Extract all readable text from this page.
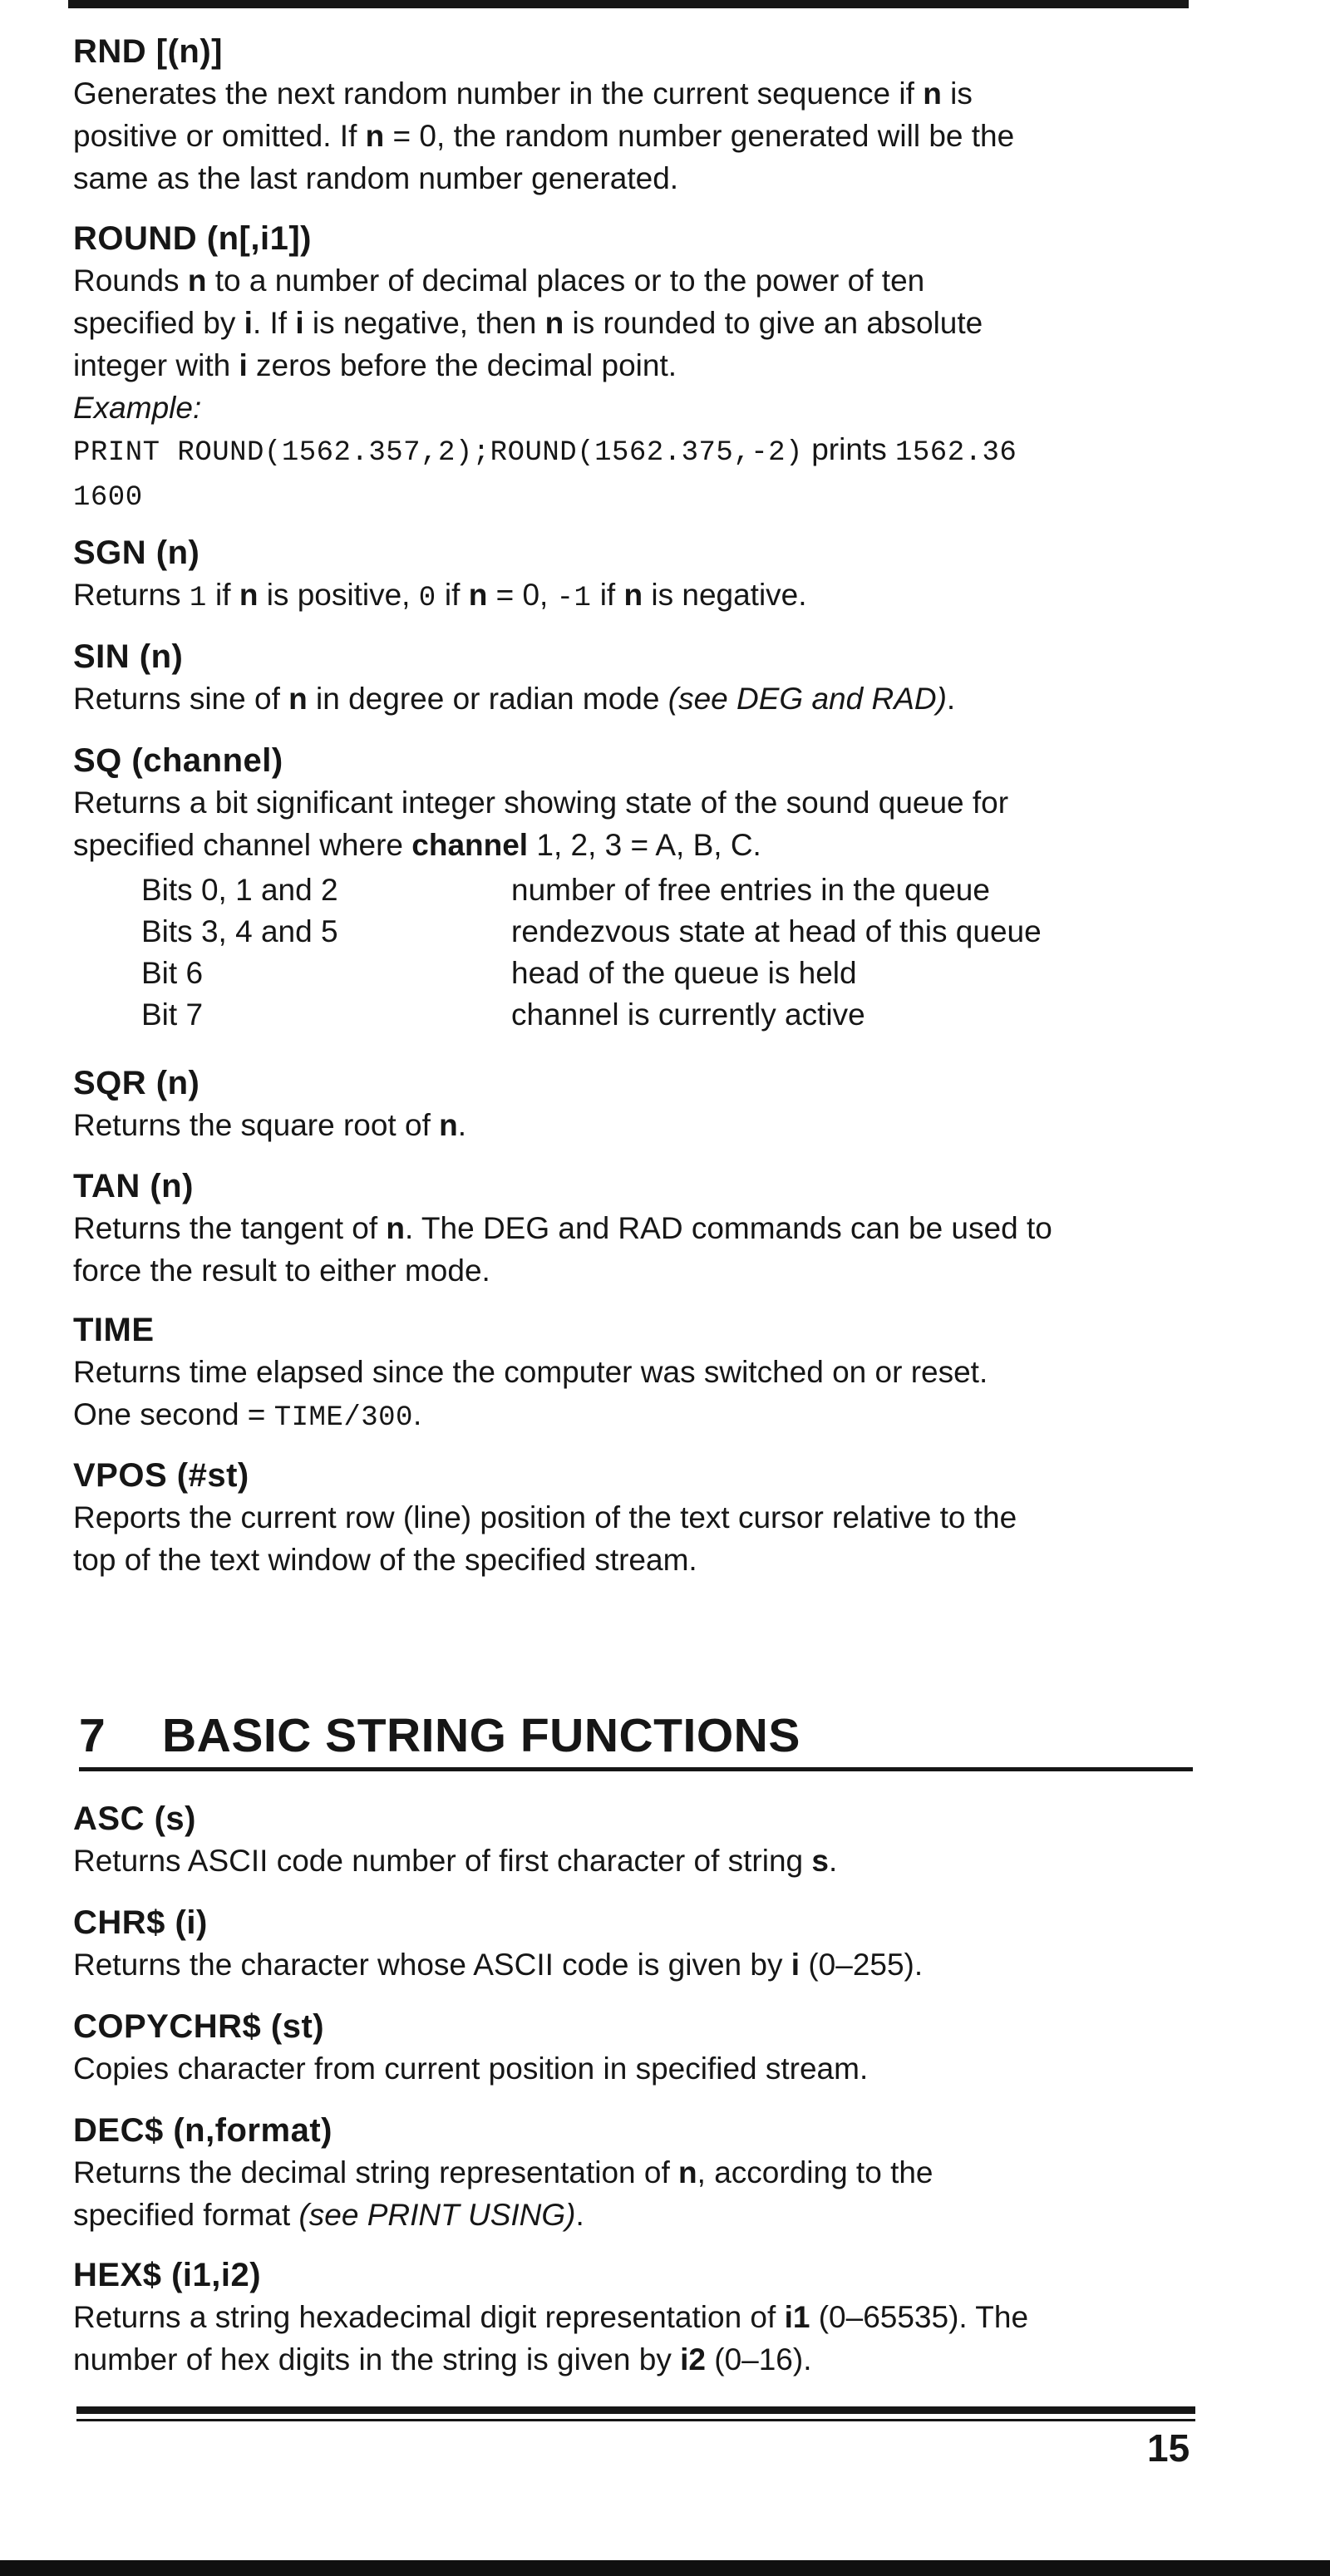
RND [(n)]
Generates the next random number in the current sequence if n is
positive or omitted. If n = 0, the random number generated will be the
same as the last random number generated.
ROUND (n[,i1])
Rounds n to a number of decimal places or to the power of ten
specified by i. If i is negative, then n is rounded to give an absolute
integer with i zeros before the decimal point.
Example:
PRINT ROUND(1562.357,2);ROUND(1562.375,-2) prints 1562.36
1600
SGN (n)
Returns 1 if n is positive, 0 if n = 0, -1 if n is negative.
SIN (n)
Returns sine of n in degree or radian mode (see DEG and RAD).
SQ (channel)
Returns a bit significant integer showing state of the sound queue for
specified channel where channel 1, 2, 3 = A, B, C.
Bits 0, 1 and 2	number of free entries in the queue
Bits 3, 4 and 5	rendezvous state at head of this queue
Bit 6	head of the queue is held
Bit 7	channel is currently active
SQR (n)
Returns the square root of n.
TAN (n)
Returns the tangent of n. The DEG and RAD commands can be used to
force the result to either mode.
TIME
Returns time elapsed since the computer was switched on or reset.
One second = TIME/300.
VPOS (#st)
Reports the current row (line) position of the text cursor relative to the
top of the text window of the specified stream.
7 BASIC STRING FUNCTIONS
ASC (s)
Returns ASCII code number of first character of string s.
CHR$ (i)
Returns the character whose ASCII code is given by i (0–255).
COPYCHR$ (st)
Copies character from current position in specified stream.
DEC$ (n,format)
Returns the decimal string representation of n, according to the
specified format (see PRINT USING).
HEX$ (i1,i2)
Returns a string hexadecimal digit representation of i1 (0–65535). The
number of hex digits in the string is given by i2 (0–16).
15
